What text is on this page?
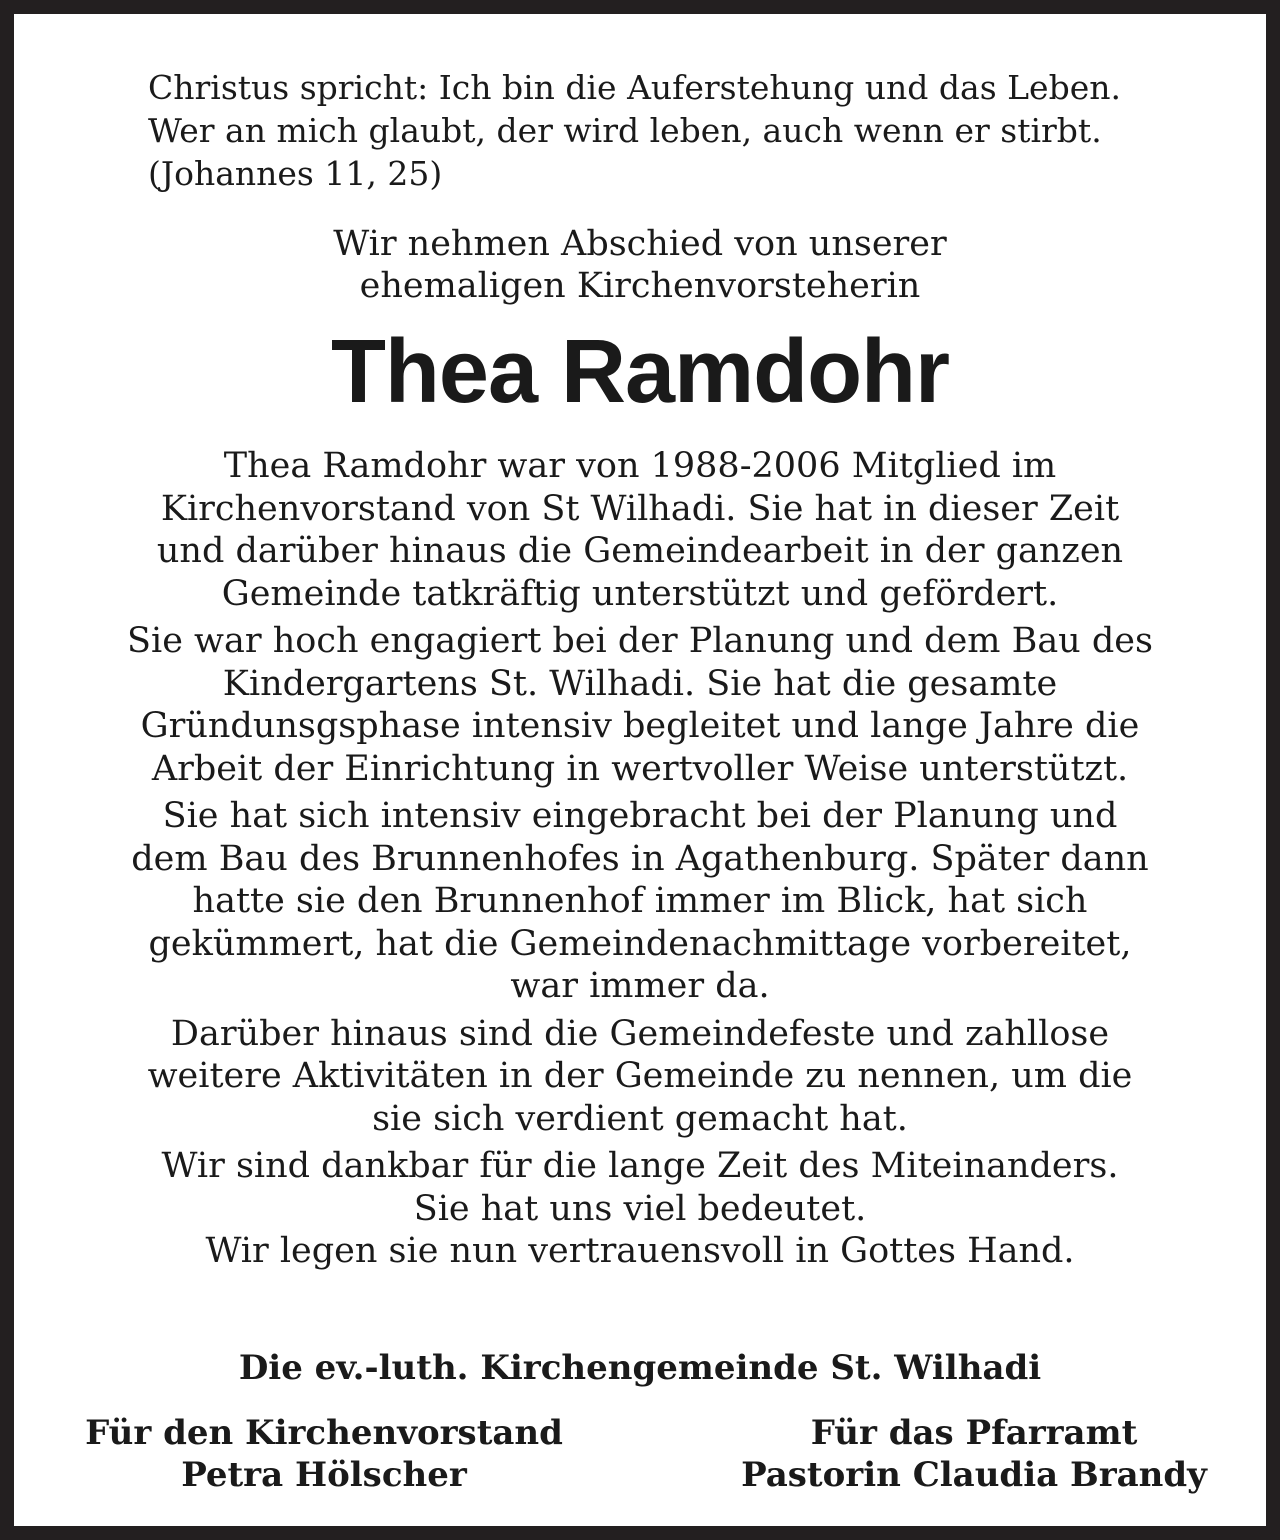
Christus spricht: Ich bin die Auferstehung und das Leben.
Wer an mich glaubt, der wird leben, auch wenn er stirbt.
(Johannes 11, 25)
Wir nehmen Abschied von unserer
ehemaligen Kirchenvorsteherin
Thea Ramdohr
Thea Ramdohr war von 1988-2006 Mitglied im
Kirchenvorstand von St Wilhadi. Sie hat in dieser Zeit
und darüber hinaus die Gemeindearbeit in der ganzen
Gemeinde tatkräftig unterstützt und gefördert.
Sie war hoch engagiert bei der Planung und dem Bau des
Kindergartens St. Wilhadi. Sie hat die gesamte
Gründunsgsphase intensiv begleitet und lange Jahre die
Arbeit der Einrichtung in wertvoller Weise unterstützt.
Sie hat sich intensiv eingebracht bei der Planung und
dem Bau des Brunnenhofes in Agathenburg. Später dann
hatte sie den Brunnenhof immer im Blick, hat sich
gekümmert, hat die Gemeindenachmittage vorbereitet,
war immer da.
Darüber hinaus sind die Gemeindefeste und zahllose
weitere Aktivitäten in der Gemeinde zu nennen, um die
sie sich verdient gemacht hat.
Wir sind dankbar für die lange Zeit des Miteinanders.
Sie hat uns viel bedeutet.
Wir legen sie nun vertrauensvoll in Gottes Hand.
Die ev.-luth. Kirchengemeinde St. Wilhadi
Für den Kirchenvorstand
Petra Hölscher
Für das Pfarramt
Pastorin Claudia Brandy
